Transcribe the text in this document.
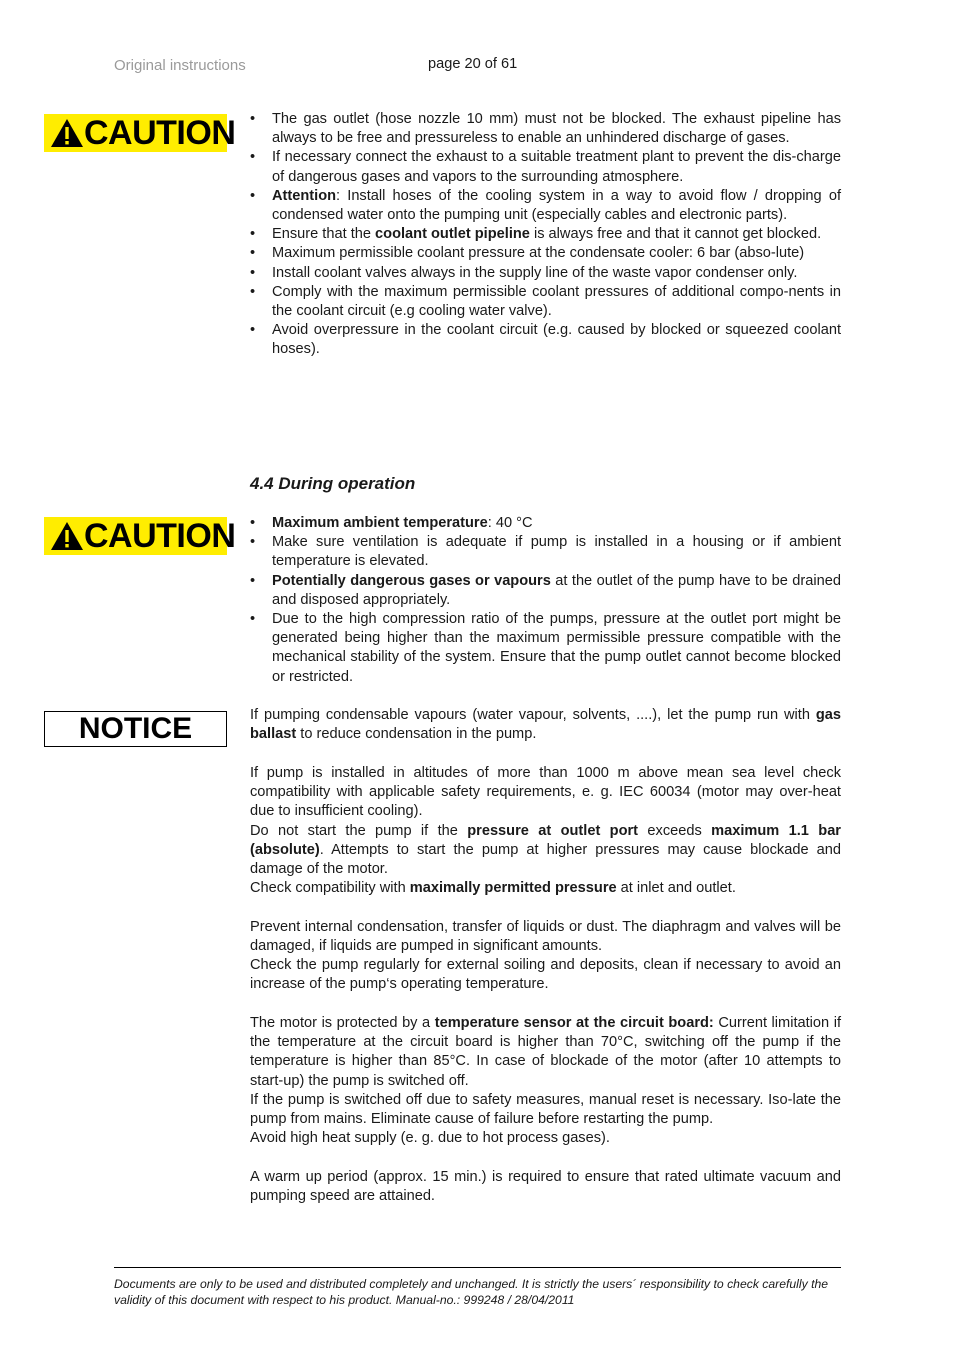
Original instructions	page 20 of 61
CAUTION	• The gas outlet (hose nozzle 10 mm) must not be blocked. The exhaust pipeline has always to be free and pressureless to enable an unhindered discharge of gases.
• If necessary connect the exhaust to a suitable treatment plant to prevent the dis-charge of dangerous gases and vapors to the surrounding atmosphere.
• Attention: Install hoses of the cooling system in a way to avoid flow / dropping of condensed water onto the pumping unit (especially cables and electronic parts).
• Ensure that the coolant outlet pipeline is always free and that it cannot get blocked.
• Maximum permissible coolant pressure at the condensate cooler: 6 bar (abso-lute)
• Install coolant valves always in the supply line of the waste vapor condenser only.
• Comply with the maximum permissible coolant pressures of additional compo-nents in the coolant circuit (e.g cooling water valve).
• Avoid overpressure in the coolant circuit (e.g. caused by blocked or squeezed coolant hoses).
4.4 During operation
CAUTION	• Maximum ambient temperature: 40 °C
• Make sure ventilation is adequate if pump is installed in a housing or if ambient temperature is elevated.
• Potentially dangerous gases or vapours at the outlet of the pump have to be drained and disposed appropriately.
• Due to the high compression ratio of the pumps, pressure at the outlet port might be generated being higher than the maximum permissible pressure compatible with the mechanical stability of the system. Ensure that the pump outlet cannot become blocked or restricted.
NOTICE	If pumping condensable vapours (water vapour, solvents, ....), let the pump run with gas ballast to reduce condensation in the pump.

If pump is installed in altitudes of more than 1000 m above mean sea level check compatibility with applicable safety requirements, e. g. IEC 60034 (motor may over-heat due to insufficient cooling).

Do not start the pump if the pressure at outlet port exceeds maximum 1.1 bar (absolute). Attempts to start the pump at higher pressures may cause blockade and damage of the motor.

Check compatibility with maximally permitted pressure at inlet and outlet.

Prevent internal condensation, transfer of liquids or dust. The diaphragm and valves will be damaged, if liquids are pumped in significant amounts.

Check the pump regularly for external soiling and deposits, clean if necessary to avoid an increase of the pump‘s operating temperature.

The motor is protected by a temperature sensor at the circuit board: Current limitation if the temperature at the circuit board is higher than 70°C, switching off the pump if the temperature is higher than 85°C. In case of blockade of the motor (after 10 attempts to start-up) the pump is switched off.

If the pump is switched off due to safety measures, manual reset is necessary. Iso-late the pump from mains. Eliminate cause of failure before restarting the pump.

Avoid high heat supply (e. g. due to hot process gases).

A warm up period (approx. 15 min.) is required to ensure that rated ultimate vacuum and pumping speed are attained.

Documents are only to be used and distributed completely and unchanged. It is strictly the users´ responsibility to check carefully the validity of this document with respect to his product. Manual-no.: 999248 / 28/04/2011
